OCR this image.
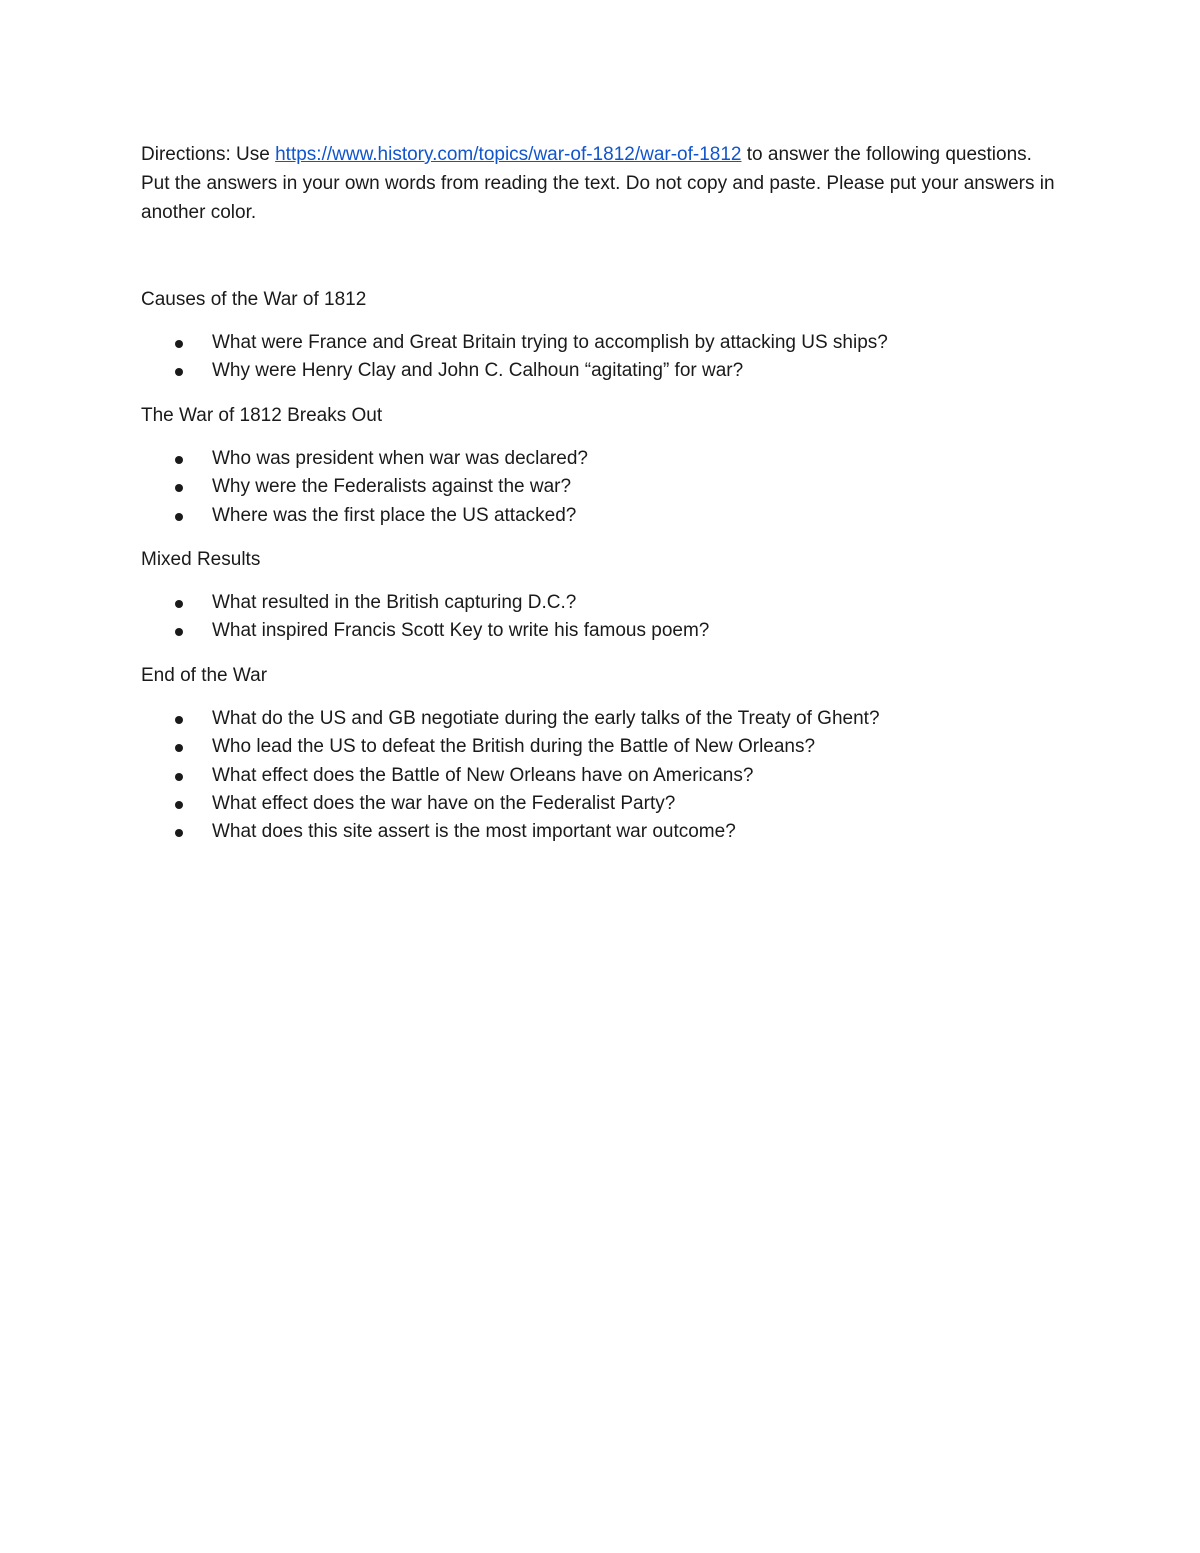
Directions: Use https://www.history.com/topics/war-of-1812/war-of-1812 to answer the following questions. Put the answers in your own words from reading the text. Do not copy and paste. Please put your answers in another color.

Causes of the War of 1812

What were France and Great Britain trying to accomplish by attacking US ships?
Why were Henry Clay and John C. Calhoun “agitating” for war?

The War of 1812 Breaks Out

Who was president when war was declared?
Why were the Federalists against the war?
Where was the first place the US attacked?

Mixed Results

What resulted in the British capturing D.C.?
What inspired Francis Scott Key to write his famous poem?

End of the War

What do the US and GB negotiate during the early talks of the Treaty of Ghent?
Who lead the US to defeat the British during the Battle of New Orleans?
What effect does the Battle of New Orleans have on Americans?
What effect does the war have on the Federalist Party?
What does this site assert is the most important war outcome?
